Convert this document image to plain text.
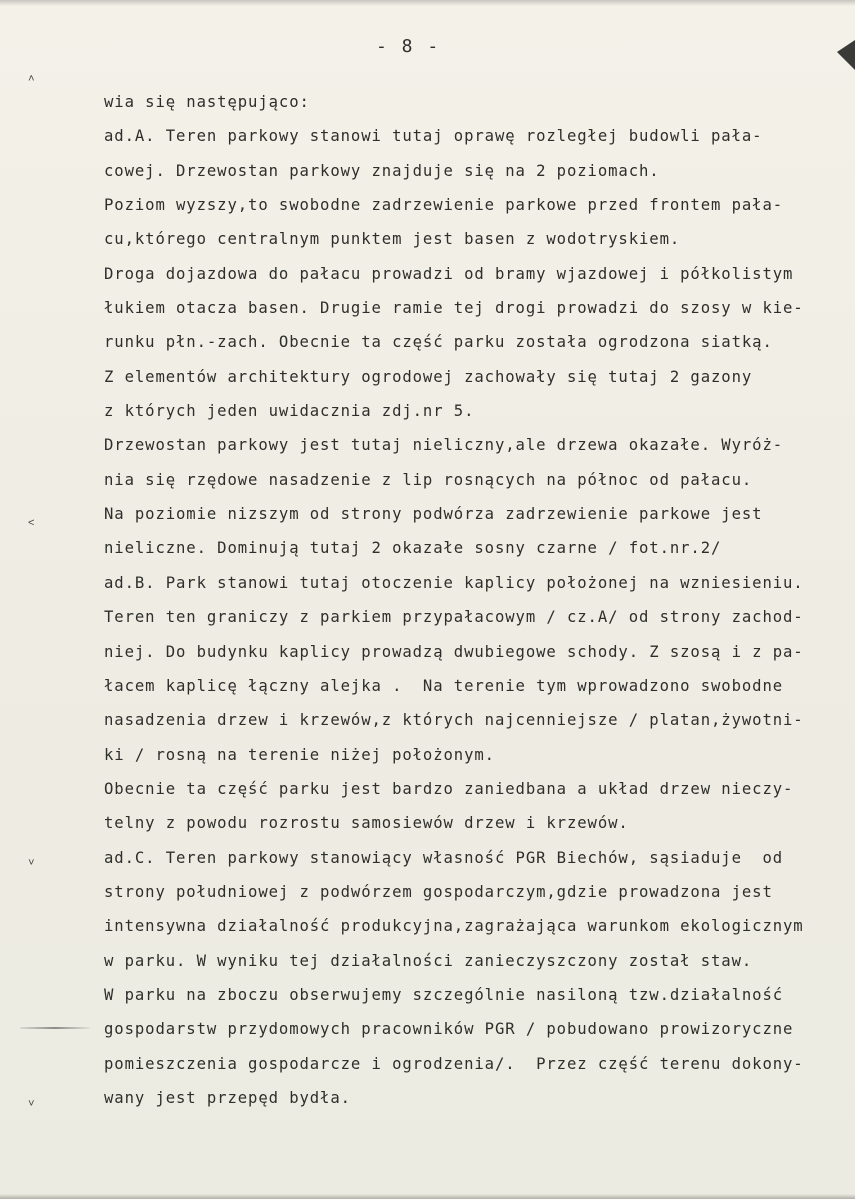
- 8 -
˄
˂
˅
˅
wia się następująco:
ad.A. Teren parkowy stanowi tutaj oprawę rozległej budowli pała-
cowej. Drzewostan parkowy znajduje się na 2 poziomach.
Poziom wyzszy,to swobodne zadrzewienie parkowe przed frontem pała-
cu,którego centralnym punktem jest basen z wodotryskiem.
Droga dojazdowa do pałacu prowadzi od bramy wjazdowej i półkolistym
łukiem otacza basen. Drugie ramie tej drogi prowadzi do szosy w kie-
runku płn.-zach. Obecnie ta część parku została ogrodzona siatką.
Z elementów architektury ogrodowej zachowały się tutaj 2 gazony
z których jeden uwidacznia zdj.nr 5.
Drzewostan parkowy jest tutaj nieliczny,ale drzewa okazałe. Wyróż-
nia się rzędowe nasadzenie z lip rosnących na północ od pałacu.
Na poziomie nizszym od strony podwórza zadrzewienie parkowe jest
nieliczne. Dominują tutaj 2 okazałe sosny czarne / fot.nr.2/
ad.B. Park stanowi tutaj otoczenie kaplicy położonej na wzniesieniu.
Teren ten graniczy z parkiem przypałacowym / cz.A/ od strony zachod-
niej. Do budynku kaplicy prowadzą dwubiegowe schody. Z szosą i z pa-
łacem kaplicę łączny alejka .  Na terenie tym wprowadzono swobodne
nasadzenia drzew i krzewów,z których najcenniejsze / platan,żywotni-
ki / rosną na terenie niżej położonym.
Obecnie ta część parku jest bardzo zaniedbana a układ drzew nieczy-
telny z powodu rozrostu samosiewów drzew i krzewów.
ad.C. Teren parkowy stanowiący własność PGR Biechów, sąsiaduje  od
strony południowej z podwórzem gospodarczym,gdzie prowadzona jest
intensywna działalność produkcyjna,zagrażająca warunkom ekologicznym
w parku. W wyniku tej działalności zanieczyszczony został staw.
W parku na zboczu obserwujemy szczególnie nasiloną tzw.działalność
gospodarstw przydomowych pracowników PGR / pobudowano prowizoryczne
pomieszczenia gospodarcze i ogrodzenia/.  Przez część terenu dokony-
wany jest przepęd bydła.
